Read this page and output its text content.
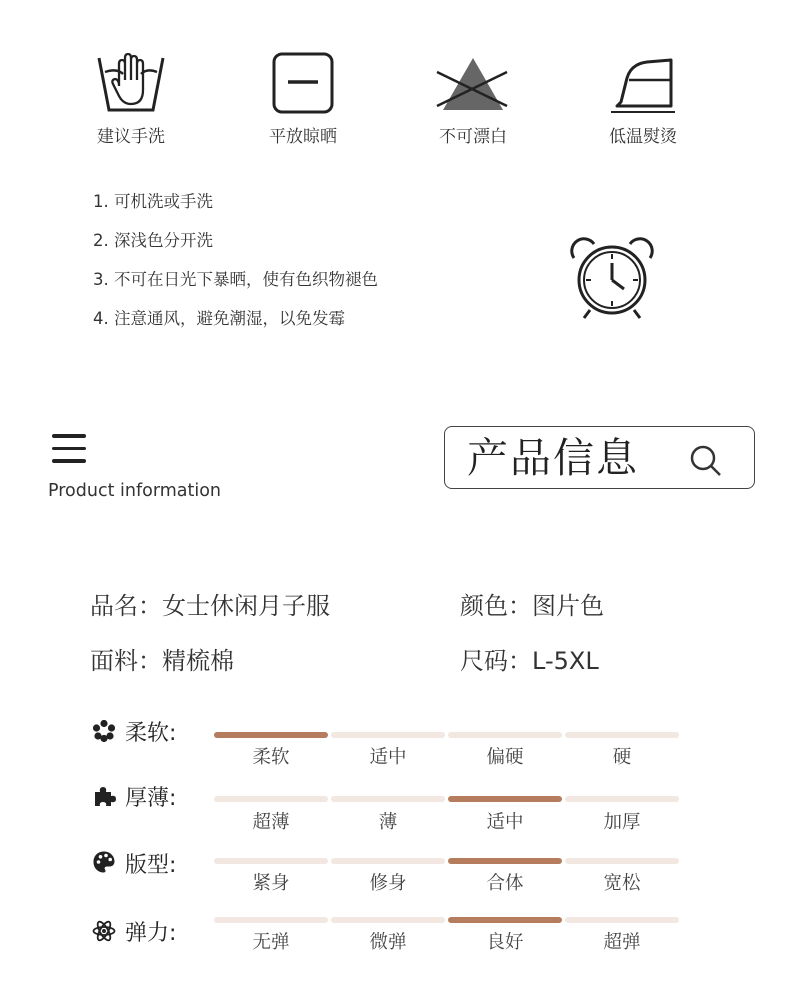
建议手洗	平放晾晒	不可漂白	低温熨烫
1. 可机洗或手洗
2. 深浅色分开洗
3. 不可在日光下暴晒，使有色织物褪色
4. 注意通风，避免潮湿，以免发霉
Product information
产品信息
品名：女士休闲月子服	颜色：图片色
面料：精梳棉	尺码：L-5XL
柔软:
柔软	适中	偏硬	硬
厚薄:
超薄	薄	适中	加厚
版型:
紧身	修身	合体	宽松
弹力:	无弹	微弹	良好	超弹
